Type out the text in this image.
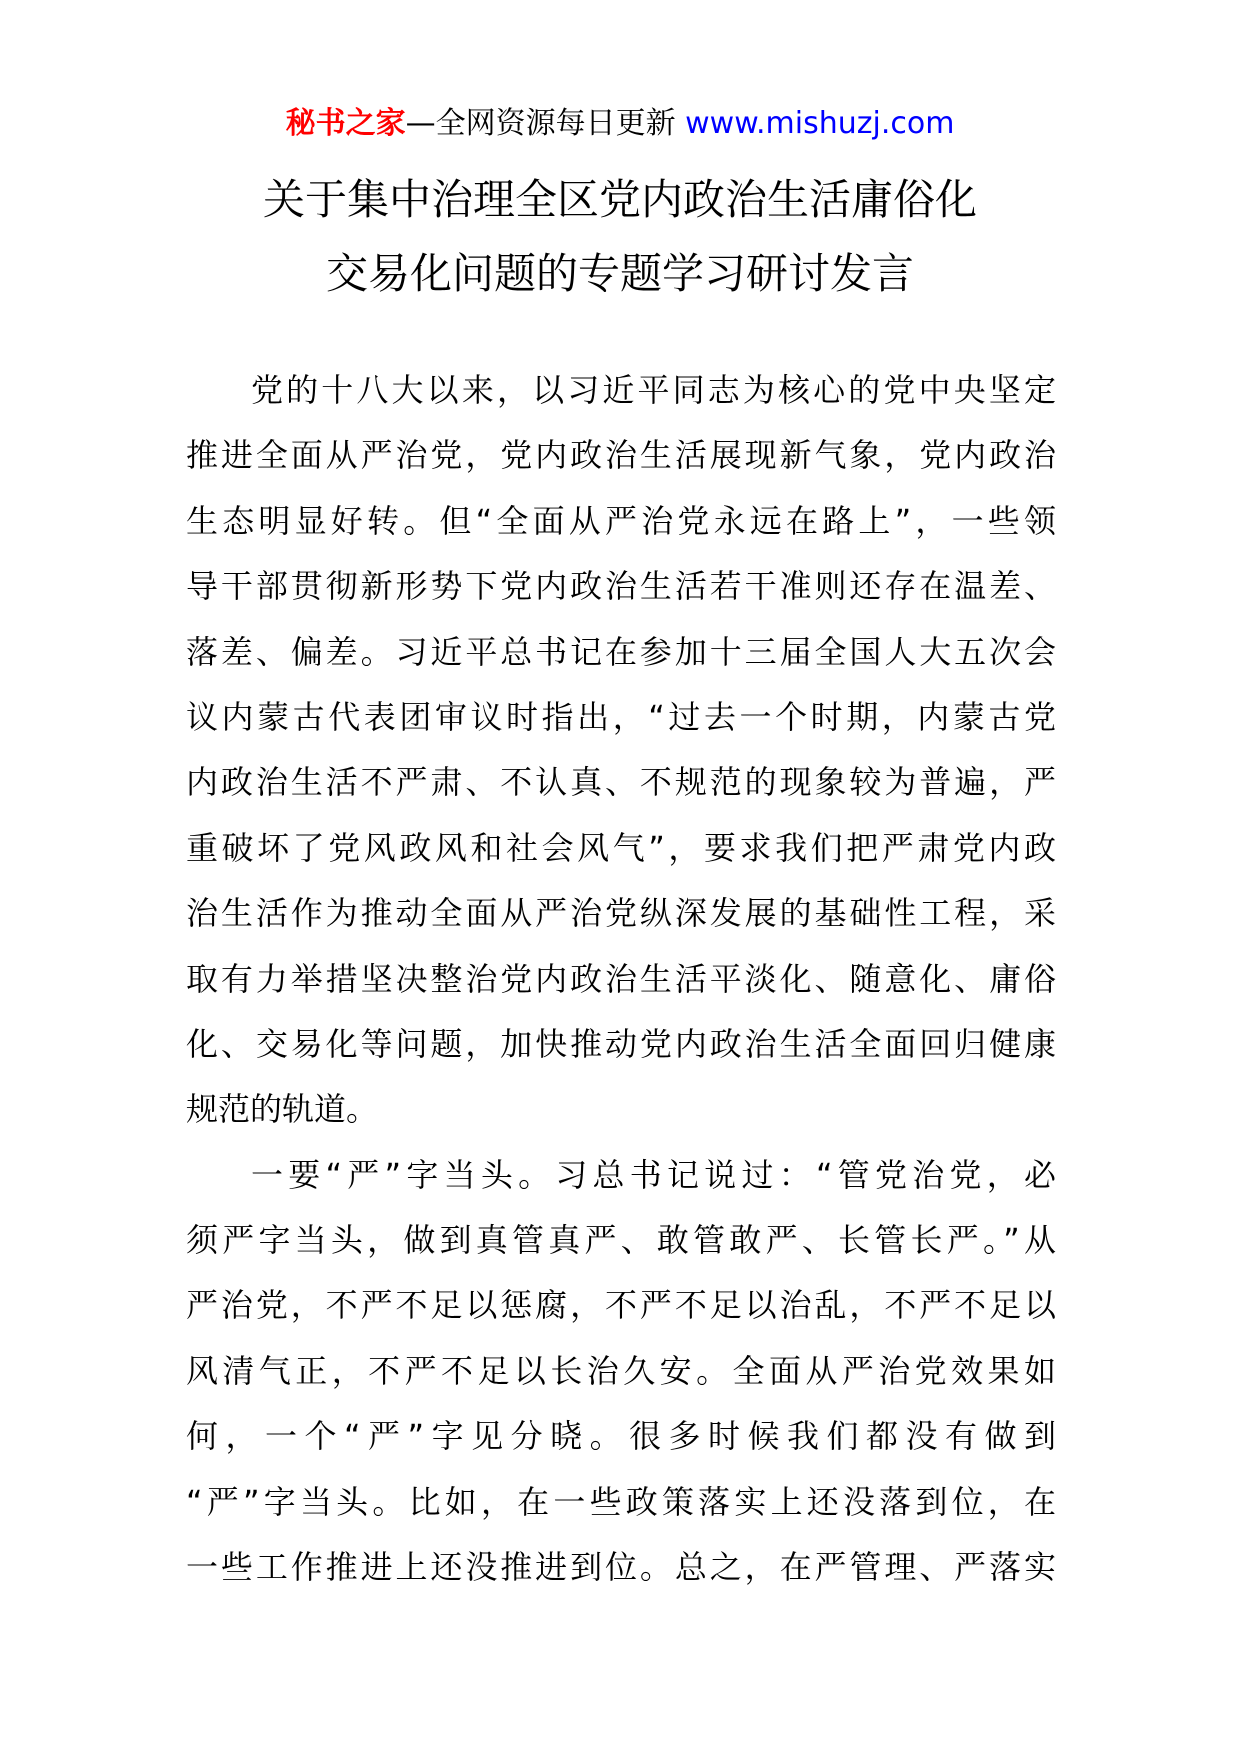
秘书之家—全网资源每日更新 www.mishuzj.com
关于集中治理全区党内政治生活庸俗化
交易化问题的专题学习研讨发言
党的十八大以来，以习近平同志为核心的党中央坚定
推进全面从严治党，党内政治生活展现新气象，党内政治
生态明显好转。但“全面从严治党永远在路上”，一些领
导干部贯彻新形势下党内政治生活若干准则还存在温差、
落差、偏差。习近平总书记在参加十三届全国人大五次会
议内蒙古代表团审议时指出，“过去一个时期，内蒙古党
内政治生活不严肃、不认真、不规范的现象较为普遍，严
重破坏了党风政风和社会风气”，要求我们把严肃党内政
治生活作为推动全面从严治党纵深发展的基础性工程，采
取有力举措坚决整治党内政治生活平淡化、随意化、庸俗
化、交易化等问题，加快推动党内政治生活全面回归健康
规范的轨道。
一要“严”字当头。习总书记说过：“管党治党，必
须严字当头，做到真管真严、敢管敢严、长管长严。”从
严治党，不严不足以惩腐，不严不足以治乱，不严不足以
风清气正，不严不足以长治久安。全面从严治党效果如
何，一个“严”字见分晓。很多时候我们都没有做到
“严”字当头。比如，在一些政策落实上还没落到位，在
一些工作推进上还没推进到位。总之，在严管理、严落实
